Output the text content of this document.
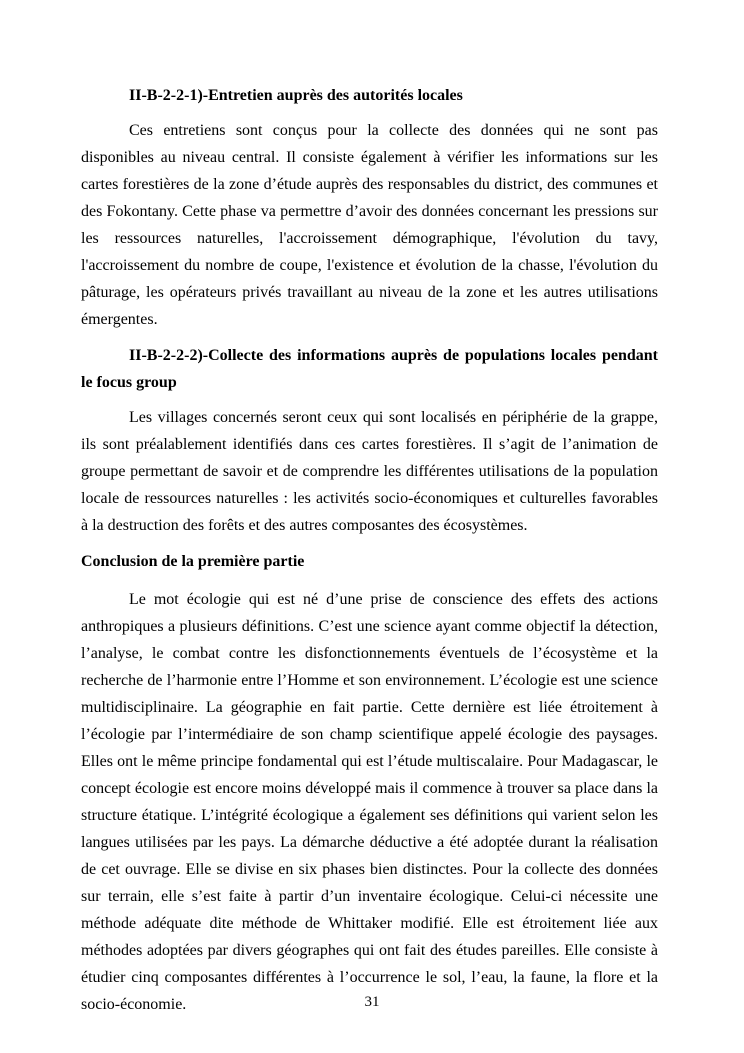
II-B-2-2-1)-Entretien auprès des autorités locales

Ces entretiens sont conçus pour la collecte des données qui ne sont pas disponibles au niveau central. Il consiste également à vérifier les informations sur les cartes forestières de la zone d’étude auprès des responsables du district, des communes et des Fokontany. Cette phase va permettre d’avoir des données concernant les pressions sur les ressources naturelles, l'accroissement démographique, l'évolution du tavy, l'accroissement du nombre de coupe, l'existence et évolution de la chasse, l'évolution du pâturage, les opérateurs privés travaillant au niveau de la zone et les autres utilisations émergentes.

II-B-2-2-2)-Collecte des informations auprès de populations locales pendant le focus group

Les villages concernés seront ceux qui sont localisés en périphérie de la grappe, ils sont préalablement identifiés dans ces cartes forestières. Il s’agit de l’animation de groupe permettant de savoir et de comprendre les différentes utilisations de la population locale de ressources naturelles : les activités socio-économiques et culturelles favorables à la destruction des forêts et des autres composantes des écosystèmes.

Conclusion de la première partie

Le mot écologie qui est né d’une prise de conscience des effets des actions anthropiques a plusieurs définitions. C’est une science ayant comme objectif la détection, l’analyse, le combat contre les disfonctionnements éventuels de l’écosystème et la recherche de l’harmonie entre l’Homme et son environnement. L’écologie est une science multidisciplinaire. La géographie en fait partie. Cette dernière est liée étroitement à l’écologie par l’intermédiaire de son champ scientifique appelé écologie des paysages. Elles ont le même principe fondamental qui est l’étude multiscalaire. Pour Madagascar, le concept écologie est encore moins développé mais il commence à trouver sa place dans la structure étatique. L’intégrité écologique a également ses définitions qui varient selon les langues utilisées par les pays. La démarche déductive a été adoptée durant la réalisation de cet ouvrage. Elle se divise en six phases bien distinctes. Pour la collecte des données sur terrain, elle s’est faite à partir d’un inventaire écologique. Celui-ci nécessite une méthode adéquate dite méthode de Whittaker modifié. Elle est étroitement liée aux méthodes adoptées par divers géographes qui ont fait des études pareilles. Elle consiste à étudier cinq composantes différentes à l’occurrence le sol, l’eau, la faune, la flore et la socio-économie.	31
